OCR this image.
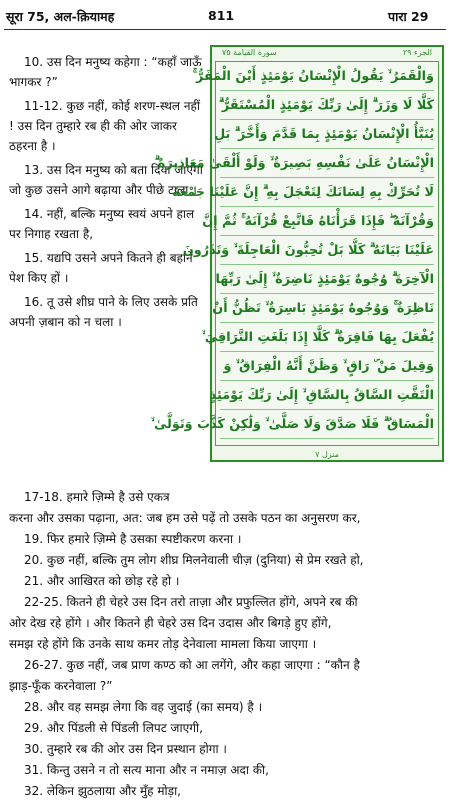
सूरा 75, अल-क़ियामह	811	पारा 29

10. उस दिन मनुष्य कहेगा : “कहाँ जाऊँ भागकर ?”

11-12. कुछ नहीं, कोई शरण-स्थल नहीं ! उस दिन तुम्हारे रब ही की ओर जाकर ठहरना है ।

13. उस दिन मनुष्य को बता दिया जाएगा जो कुछ उसने आगे बढ़ाया और पीछे टाला ।

14. नहीं, बल्कि मनुष्य स्वयं अपने हाल पर निगाह रखता है,

15. यद्यपि उसने अपने कितने ही बहाने पेश किए हों ।

16. तू उसे शीघ्र पाने के लिए उसके प्रति अपनी ज़बान को न चला ।

الجزء ٢٩
سورة القيامة ٧٥
وَالْقَمَرُ ۙ يَقُولُ الْإِنْسَانُ يَوْمَئِذٍ أَيْنَ الْمَفَرُّ ۚ
كَلَّا لَا وَزَرَ ۗ إِلَىٰ رَبِّكَ يَوْمَئِذٍ الْمُسْتَقَرُّ ۗ
يُنَبَّأُ الْإِنْسَانُ يَوْمَئِذٍ بِمَا قَدَّمَ وَأَخَّرَ ۗ بَلِ
الْإِنْسَانُ عَلَىٰ نَفْسِهِ بَصِيرَةٌ ۙ وَلَوْ أَلْقَىٰ مَعَاذِيرَهُ ۗ
لَا تُحَرِّكْ بِهِ لِسَانَكَ لِتَعْجَلَ بِهِ ۗ إِنَّ عَلَيْنَا جَمْعَهُ
وَقُرْآنَهُ ۖ فَإِذَا قَرَأْنَاهُ فَاتَّبِعْ قُرْآنَهُ ۚ ثُمَّ إِنَّ
عَلَيْنَا بَيَانَهُ ۗ كَلَّا بَلْ تُحِبُّونَ الْعَاجِلَةَ ۙ وَتَذَرُونَ
الْآخِرَةَ ۗ وُجُوهٌ يَوْمَئِذٍ نَاضِرَةٌ ۙ إِلَىٰ رَبِّهَا
نَاظِرَةٌ ۚ وَوُجُوهٌ يَوْمَئِذٍ بَاسِرَةٌ ۙ تَظُنُّ أَنْ
يُفْعَلَ بِهَا فَاقِرَةٌ ۗ كَلَّا إِذَا بَلَغَتِ التَّرَاقِيَ ۙ
وَقِيلَ مَنْ ۜ رَاقٍ ۙ وَظَنَّ أَنَّهُ الْفِرَاقُ ۙ وَ
الْتَفَّتِ السَّاقُ بِالسَّاقِ ۙ إِلَىٰ رَبِّكَ يَوْمَئِذٍ
الْمَسَاقُ ۗ فَلَا صَدَّقَ وَلَا صَلَّىٰ ۙ وَلَٰكِنْ كَذَّبَ وَتَوَلَّىٰ ۙ
منزل ٧

17-18. हमारे ज़िम्मे है उसे एकत्र

करना और उसका पढ़ाना, अत: जब हम उसे पढ़ें तो उसके पठन का अनुसरण कर,

19. फिर हमारे ज़िम्मे है उसका स्पष्टीकरण करना ।

20. कुछ नहीं, बल्कि तुम लोग शीघ्र मिलनेवाली चीज़ (दुनिया) से प्रेम रखते हो,

21. और आखिरत को छोड़ रहे हो ।

22-25. कितने ही चेहरे उस दिन तरो ताज़ा और प्रफुल्लित होंगे, अपने रब की

ओर देख रहे होंगे । और कितने ही चेहरे उस दिन उदास और बिगड़े हुए होंगे,

समझ रहे होंगे कि उनके साथ कमर तोड़ देनेवाला मामला किया जाएगा ।

26-27. कुछ नहीं, जब प्राण कण्ठ को आ लगेंगे, और कहा जाएगा : “कौन है

झाड़-फूँक करनेवाला ?”

28. और वह समझ लेगा कि वह जुदाई (का समय) है ।

29. और पिंडली से पिंडली लिपट जाएगी,

30. तुम्हारे रब की ओर उस दिन प्रस्थान होगा ।

31. किन्तु उसने न तो सत्य माना और न नमाज़ अदा की,

32. लेकिन झुठलाया और मुँह मोड़ा,
